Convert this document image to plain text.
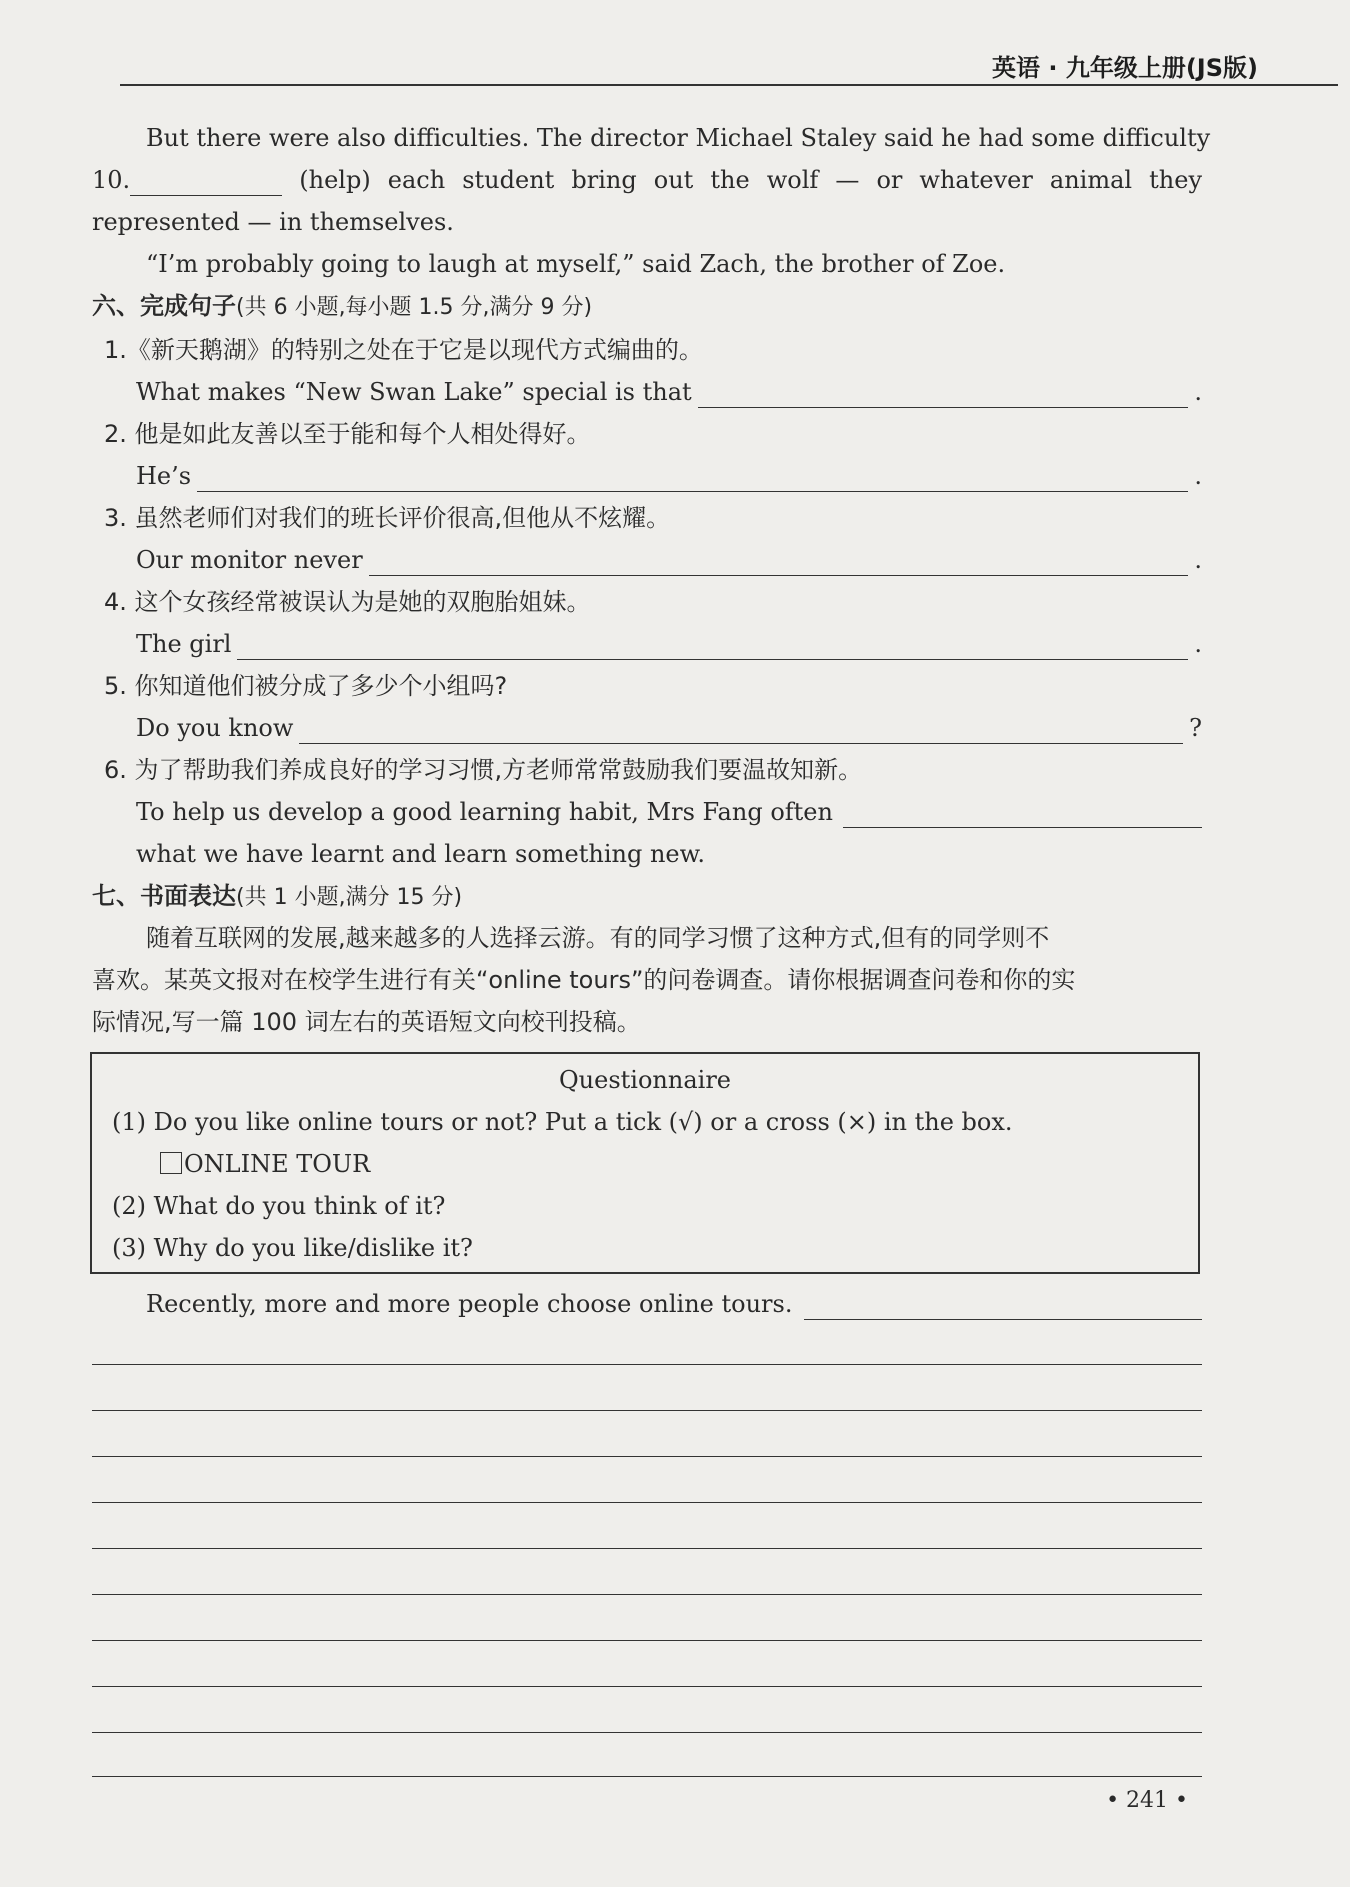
英语 · 九年级上册(JS版)
But there were also difficulties. The director Michael Staley said he had some difficulty
10.	(help) each student bring out the wolf — or whatever animal they
represented — in themselves.
“I’m probably going to laugh at myself,” said Zach, the brother of Zoe.
六、完成句子(共 6 小题,每小题 1.5 分,满分 9 分)
1.《新天鹅湖》的特别之处在于它是以现代方式编曲的。
What makes “New Swan Lake” special is that	.
2. 他是如此友善以至于能和每个人相处得好。
He’s	.
3. 虽然老师们对我们的班长评价很高,但他从不炫耀。
Our monitor never	.
4. 这个女孩经常被误认为是她的双胞胎姐妹。
The girl	.
5. 你知道他们被分成了多少个小组吗?
Do you know	?
6. 为了帮助我们养成良好的学习习惯,方老师常常鼓励我们要温故知新。
To help us develop a good learning habit, Mrs Fang often
what we have learnt and learn something new.
七、书面表达(共 1 小题,满分 15 分)
随着互联网的发展,越来越多的人选择云游。有的同学习惯了这种方式,但有的同学则不
喜欢。某英文报对在校学生进行有关“online tours”的问卷调查。请你根据调查问卷和你的实
际情况,写一篇 100 词左右的英语短文向校刊投稿。
Questionnaire
(1) Do you like online tours or not? Put a tick (√) or a cross (×) in the box.
ONLINE TOUR
(2) What do you think of it?
(3) Why do you like/dislike it?
Recently, more and more people choose online tours.
• 241 •
